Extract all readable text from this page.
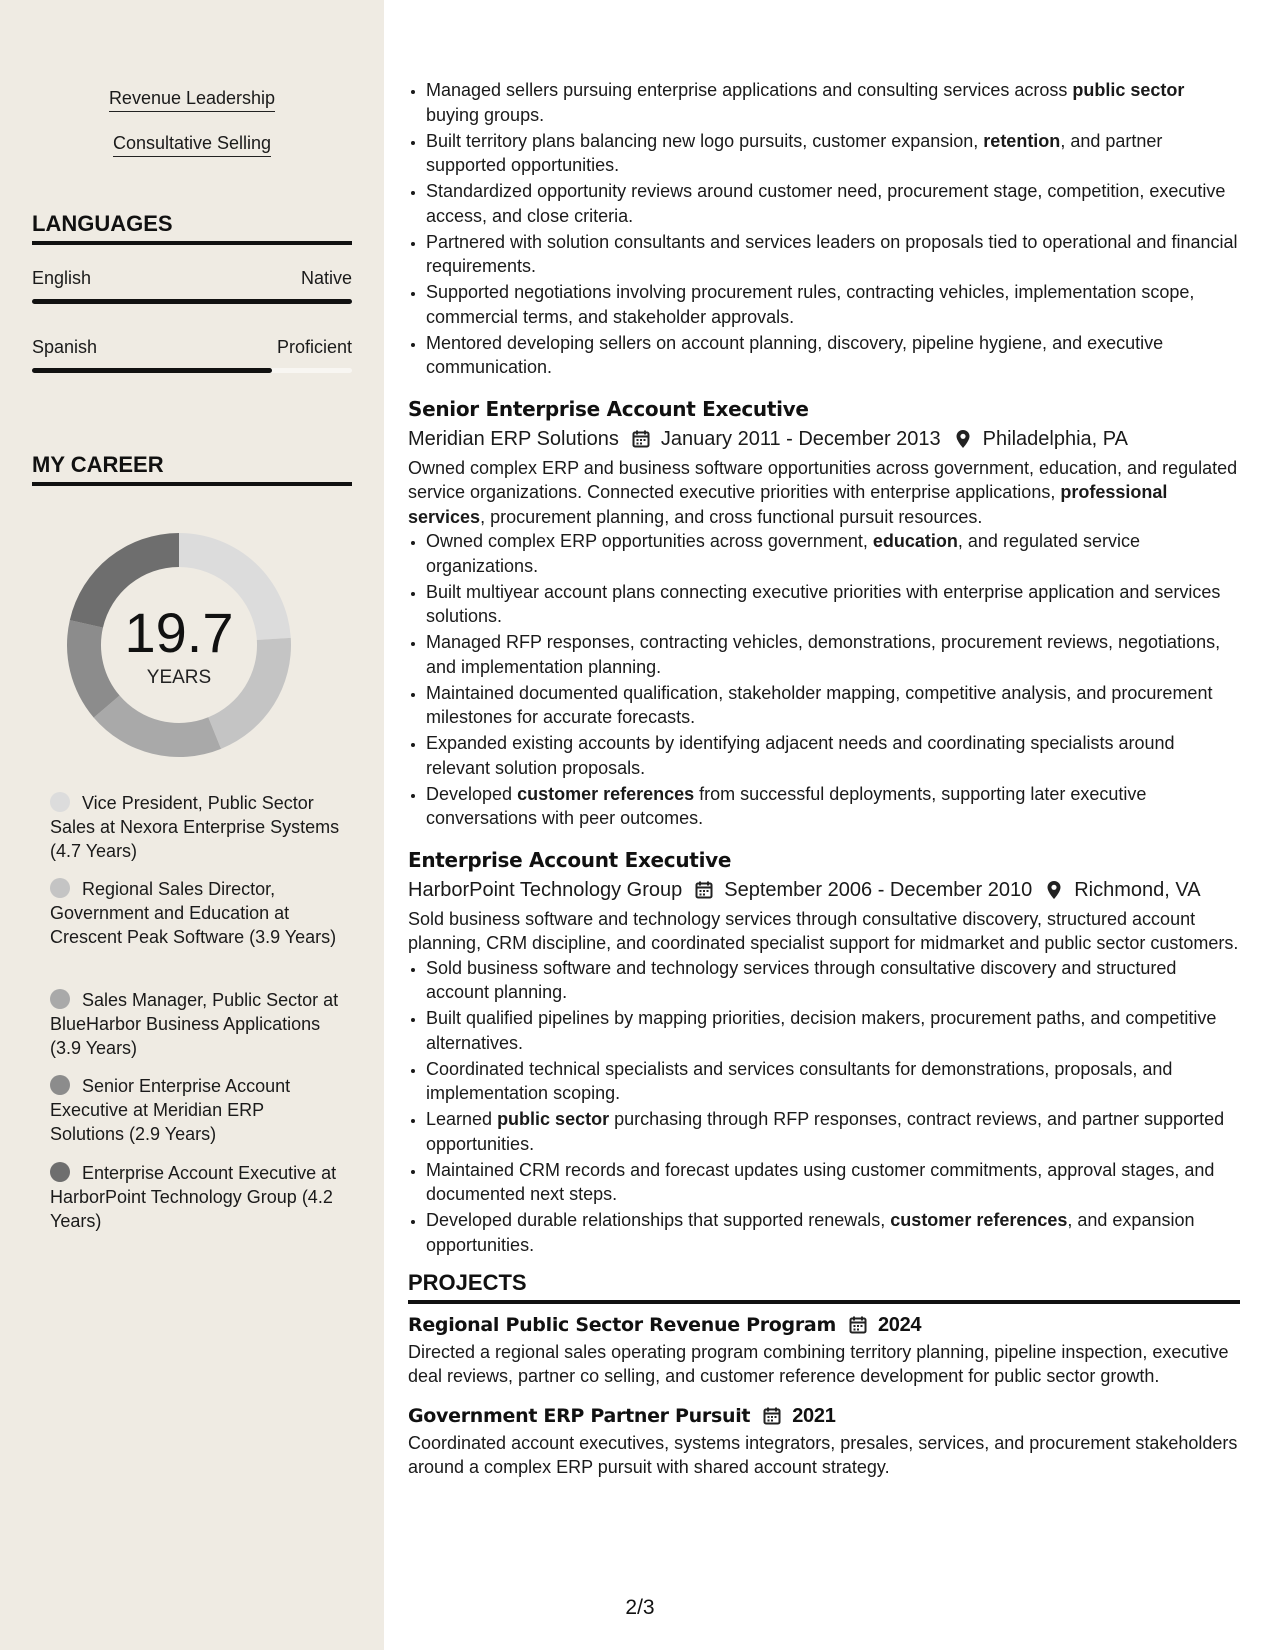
Revenue Leadership
Consultative Selling
LANGUAGES
English	Native
Spanish	Proficient
MY CAREER
19.7
YEARS
Vice President, Public Sector Sales at Nexora Enterprise Systems (4.7 Years)
Regional Sales Director, Government and Education at Crescent Peak Software (3.9 Years)
Sales Manager, Public Sector at BlueHarbor Business Applications (3.9 Years)
Senior Enterprise Account Executive at Meridian ERP Solutions (2.9 Years)
Enterprise Account Executive at HarborPoint Technology Group (4.2 Years)
• Managed sellers pursuing enterprise applications and consulting services across public sector buying groups.
• Built territory plans balancing new logo pursuits, customer expansion, retention, and partner supported opportunities.
• Standardized opportunity reviews around customer need, procurement stage, competition, executive access, and close criteria.
• Partnered with solution consultants and services leaders on proposals tied to operational and financial requirements.
• Supported negotiations involving procurement rules, contracting vehicles, implementation scope, commercial terms, and stakeholder approvals.
• Mentored developing sellers on account planning, discovery, pipeline hygiene, and executive communication.
Senior Enterprise Account Executive
Meridian ERP Solutions January 2011 - December 2013 Philadelphia, PA
Owned complex ERP and business software opportunities across government, education, and regulated service organizations. Connected executive priorities with enterprise applications, professional services, procurement planning, and cross functional pursuit resources.
• Owned complex ERP opportunities across government, education, and regulated service organizations.
• Built multiyear account plans connecting executive priorities with enterprise application and services solutions.
• Managed RFP responses, contracting vehicles, demonstrations, procurement reviews, negotiations, and implementation planning.
• Maintained documented qualification, stakeholder mapping, competitive analysis, and procurement milestones for accurate forecasts.
• Expanded existing accounts by identifying adjacent needs and coordinating specialists around relevant solution proposals.
• Developed customer references from successful deployments, supporting later executive conversations with peer outcomes.
Enterprise Account Executive
HarborPoint Technology Group September 2006 - December 2010 Richmond, VA
Sold business software and technology services through consultative discovery, structured account planning, CRM discipline, and coordinated specialist support for midmarket and public sector customers.
• Sold business software and technology services through consultative discovery and structured account planning.
• Built qualified pipelines by mapping priorities, decision makers, procurement paths, and competitive alternatives.
• Coordinated technical specialists and services consultants for demonstrations, proposals, and implementation scoping.
• Learned public sector purchasing through RFP responses, contract reviews, and partner supported opportunities.
• Maintained CRM records and forecast updates using customer commitments, approval stages, and documented next steps.
• Developed durable relationships that supported renewals, customer references, and expansion opportunities.
PROJECTS
Regional Public Sector Revenue Program 2024
Directed a regional sales operating program combining territory planning, pipeline inspection, executive deal reviews, partner co selling, and customer reference development for public sector growth.
Government ERP Partner Pursuit 2021
Coordinated account executives, systems integrators, presales, services, and procurement stakeholders around a complex ERP pursuit with shared account strategy.
2/3
